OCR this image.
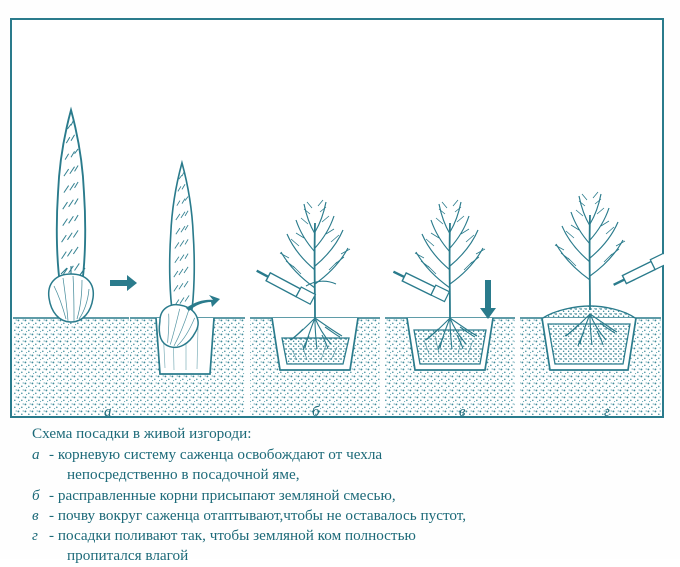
а	б	в	г
Схема посадки в живой изгороди:
а - корневую систему саженца освобождают от чехла
непосредственно в посадочной яме,
б - расправленные корни присыпают земляной смесью,
в - почву вокруг саженца отаптывают,чтобы не оставалось пустот,
г - посадки поливают так, чтобы земляной ком полностью
пропитался влагой
